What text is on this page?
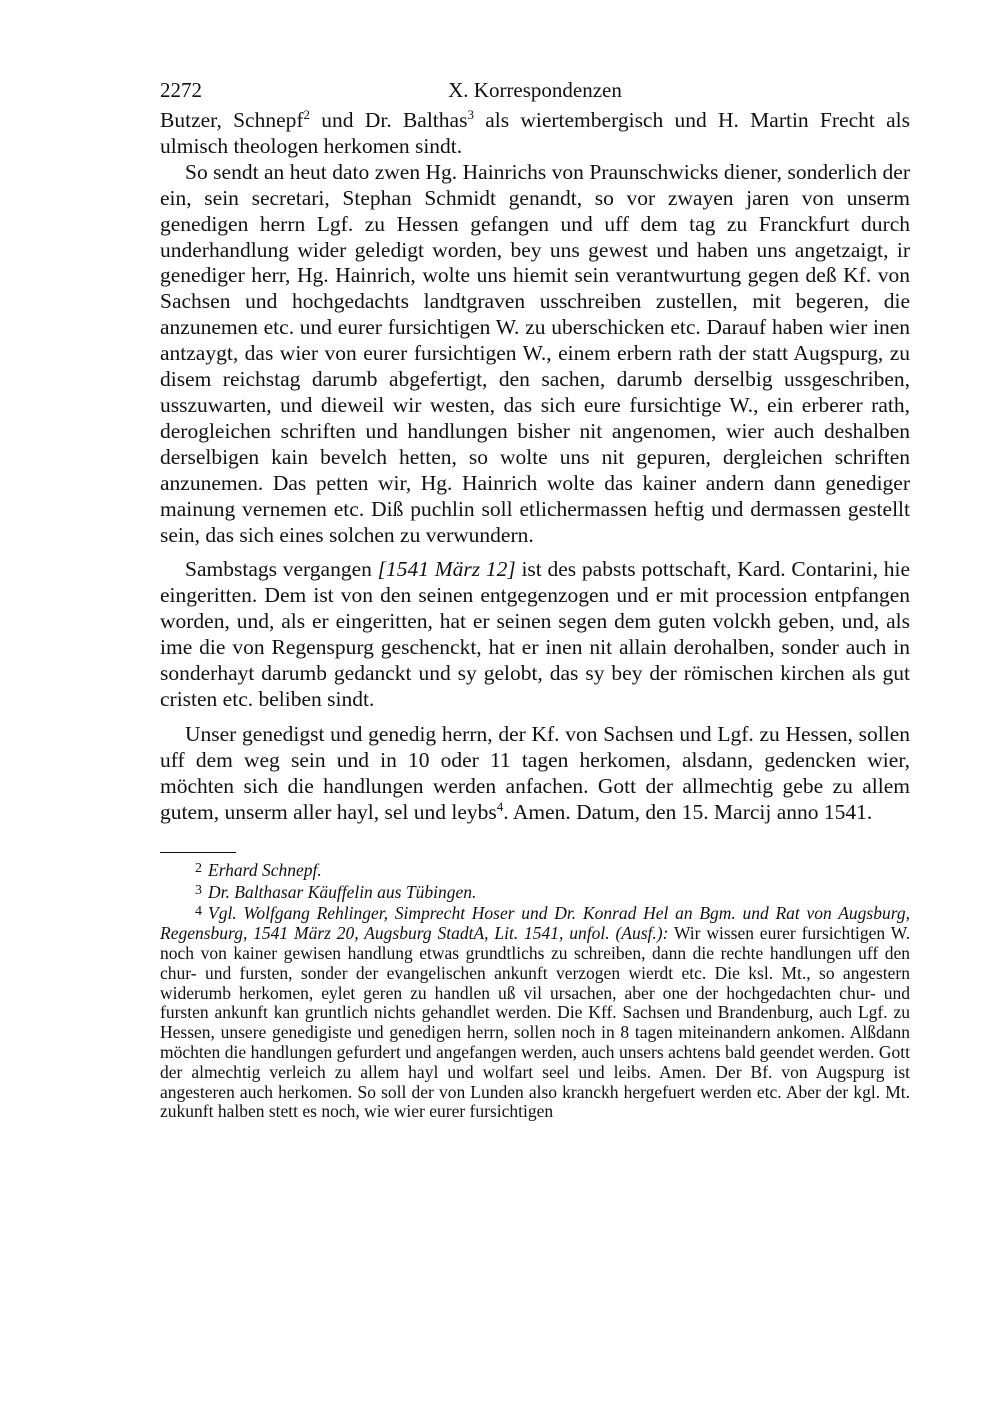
2272	X. Korrespondenzen

Butzer, Schnepf$^2$ und Dr. Balthas$^3$ als wiertembergisch und H. Martin Frecht als ulmisch theologen herkomen sindt.

So sendt an heut dato zwen Hg. Hainrichs von Praunschwicks diener, sonderlich der ein, sein secretari, Stephan Schmidt genandt, so vor zwayen jaren von unserm genedigen herrn Lgf. zu Hessen gefangen und uff dem tag zu Franckfurt durch underhandlung wider geledigt worden, bey uns gewest und haben uns angetzaigt, ir genediger herr, Hg. Hainrich, wolte uns hiemit sein verantwurtung gegen deß Kf. von Sachsen und hochgedachts landtgraven usschreiben zustellen, mit begeren, die anzunemen etc. und eurer fursichtigen W. zu uberschicken etc. Darauf haben wier inen antzaygt, das wier von eurer fursichtigen W., einem erbern rath der statt Augspurg, zu disem reichstag darumb abgefertigt, den sachen, darumb derselbig ussgeschriben, usszuwarten, und dieweil wir westen, das sich eure fursichtige W., ein erberer rath, derogleichen schriften und handlungen bisher nit angenomen, wier auch deshalben derselbigen kain bevelch hetten, so wolte uns nit gepuren, dergleichen schriften anzunemen. Das petten wir, Hg. Hainrich wolte das kainer andern dann genediger mainung vernemen etc. Diß puchlin soll etlichermassen heftig und dermassen gestellt sein, das sich eines solchen zu verwundern.

Sambstags vergangen [1541 März 12] ist des pabsts pottschaft, Kard. Contarini, hie eingeritten. Dem ist von den seinen entgegenzogen und er mit procession entpfangen worden, und, als er eingeritten, hat er seinen segen dem guten volckh geben, und, als ime die von Regenspurg geschenckt, hat er inen nit allain derohalben, sonder auch in sonderhayt darumb gedanckt und sy gelobt, das sy bey der römischen kirchen als gut cristen etc. beliben sindt.

Unser genedigst und genedig herrn, der Kf. von Sachsen und Lgf. zu Hessen, sollen uff dem weg sein und in 10 oder 11 tagen herkomen, alsdann, gedencken wier, möchten sich die handlungen werden anfachen. Gott der allmechtig gebe zu allem gutem, unserm aller hayl, sel und leybs$^4$. Amen. Datum, den 15. Marcij anno 1541.

2 Erhard Schnepf.

3 Dr. Balthasar Käuffelin aus Tübingen.

4 Vgl. Wolfgang Rehlinger, Simprecht Hoser und Dr. Konrad Hel an Bgm. und Rat von Augsburg, Regensburg, 1541 März 20, Augsburg StadtA, Lit. 1541, unfol. (Ausf.): Wir wissen eurer fursichtigen W. noch von kainer gewisen handlung etwas grundtlichs zu schreiben, dann die rechte handlungen uff den chur- und fursten, sonder der evangelischen ankunft verzogen wierdt etc. Die ksl. Mt., so angestern widerumb herkomen, eylet geren zu handlen uß vil ursachen, aber one der hochgedachten chur- und fursten ankunft kan gruntlich nichts gehandlet werden. Die Kff. Sachsen und Brandenburg, auch Lgf. zu Hessen, unsere genedigiste und genedigen herrn, sollen noch in 8 tagen miteinandern ankomen. Alßdann möchten die handlungen gefurdert und angefangen werden, auch unsers achtens bald geendet werden. Gott der almechtig verleich zu allem hayl und wolfart seel und leibs. Amen. Der Bf. von Augspurg ist angesteren auch herkomen. So soll der von Lunden also kranckh hergefuert werden etc. Aber der kgl. Mt. zukunft halben stett es noch, wie wier eurer fursichtigen
